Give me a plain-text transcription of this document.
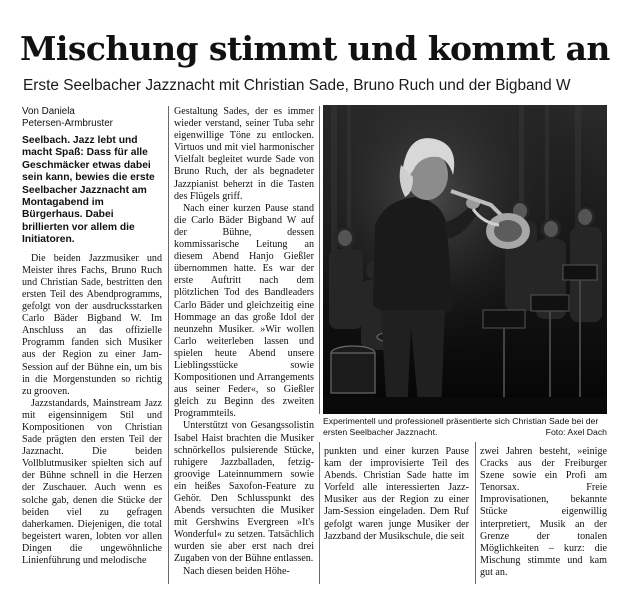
Mischung stimmt und kommt an
Erste Seelbacher Jazznacht mit Christian Sade, Bruno Ruch und der Bigband W
Von Daniela
Petersen-Armbruster
Seelbach. Jazz lebt und macht Spaß: Dass für alle Geschmäcker etwas dabei sein kann, bewies die erste Seelbacher Jazznacht am Montagabend im Bürgerhaus. Dabei brillierten vor allem die Initiatoren.

Die beiden Jazzmusiker und Meister ihres Fachs, Bruno Ruch und Christian Sade, bestritten den ersten Teil des Abendprogramms, gefolgt von der ausdrucksstarken Carlo Bäder Bigband W. Im Anschluss an das offizielle Programm fanden sich Musiker aus der Region zu einer Jam-Session auf der Bühne ein, um bis in die Morgenstunden so richtig zu grooven.

Jazzstandards, Mainstream Jazz mit eigensinnigem Stil und Kompositionen von Christian Sade prägten den ersten Teil der Jazznacht. Die beiden Vollblutmusiker spielten sich auf der Bühne schnell in die Herzen der Zuschauer. Auch wenn es solche gab, denen die Stücke der beiden viel zu gefragen daherkamen. Diejenigen, die total begeistert waren, lobten vor allen Dingen die ungewöhnliche Linienführung und melodische

Gestaltung Sades, der es immer wieder verstand, seiner Tuba sehr eigenwillige Töne zu entlocken. Virtuos und mit viel harmonischer Vielfalt begleitet wurde Sade von Bruno Ruch, der als begnadeter Jazzpianist beherzt in die Tasten des Flügels griff.

Nach einer kurzen Pause stand die Carlo Bäder Bigband W auf der Bühne, dessen kommissarische Leitung an diesem Abend Hanjo Gießler übernommen hatte. Es war der erste Auftritt nach dem plötzlichen Tod des Bandleaders Carlo Bäder und gleichzeitig eine Hommage an das große Idol der neunzehn Musiker. »Wir wollen Carlo weiterleben lassen und spielen heute Abend unsere Lieblingsstücke sowie Kompositionen und Arrangements aus seiner Feder«, so Gießler gleich zu Beginn des zweiten Programmteils.

Unterstützt von Gesangssolistin Isabel Haist brachten die Musiker schnörkellos pulsierende Stücke, ruhigere Jazzballaden, fetzig-groovige Lateinnummern sowie ein heißes Saxofon-Feature zu Gehör. Den Schlusspunkt des Abends versuchten die Musiker mit Gershwins Evergreen »It's Wonderful« zu setzen. Tatsächlich wurden sie aber erst nach drei Zugaben von der Bühne entlassen.

Nach diesen beiden Höhe-

Experimentell und professionell präsentierte sich Christian Sade bei der ersten Seelbacher Jazznacht.	Foto: Axel Dach

punkten und einer kurzen Pause kam der improvisierte Teil des Abends. Christian Sade hatte im Vorfeld alle interessierten Jazz-Musiker aus der Region zu einer Jam-Session eingeladen. Dem Ruf gefolgt waren junge Musiker der Jazzband der Musikschule, die seit

zwei Jahren besteht, »einige Cracks aus der Freiburger Szene sowie ein Profi am Tenorsax. Freie Improvisationen, bekannte Stücke eigenwillig interpretiert, Musik an der Grenze der tonalen Möglichkeiten – kurz: die Mischung stimmte und kam gut an.
